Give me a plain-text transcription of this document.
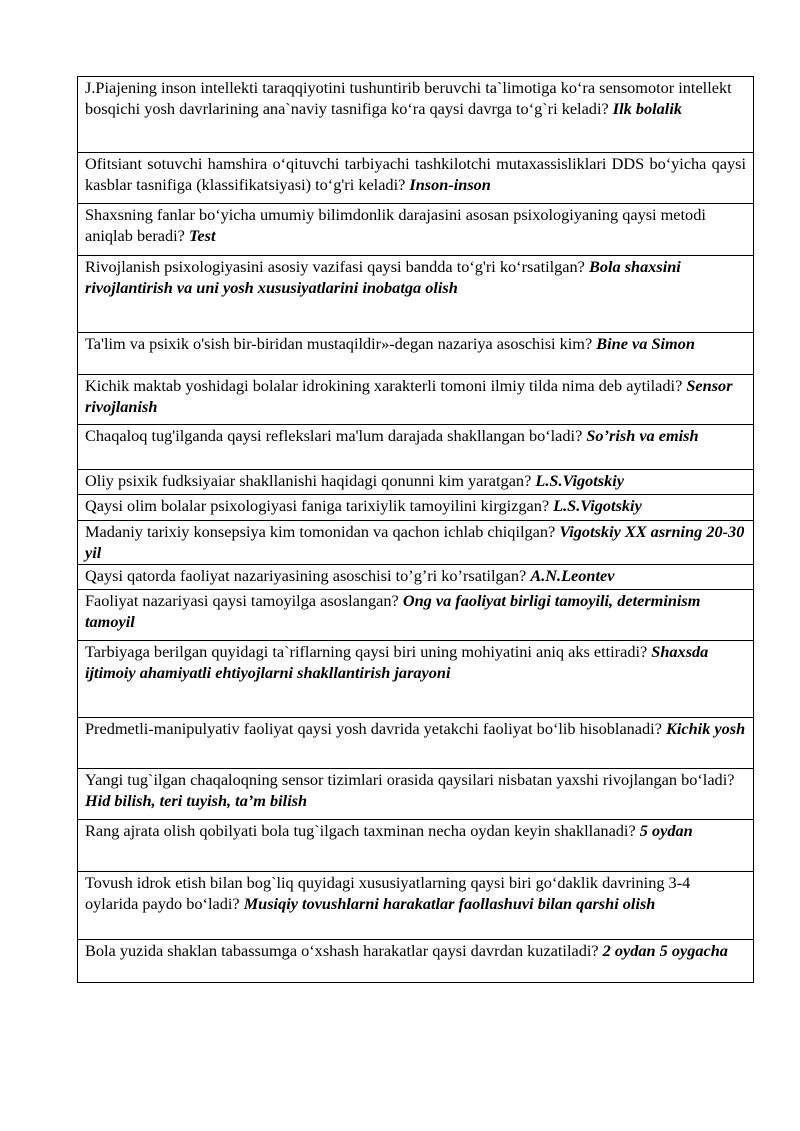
J.Piajening inson intellekti taraqqiyotini tushuntirib beruvchi ta`limotiga ko‘ra sensomotor intellekt bosqichi yosh davrlarining ana`naviy tasnifiga ko‘ra qaysi davrga to‘g`ri keladi? Ilk bolalik
Ofitsiant sotuvchi hamshira o‘qituvchi tarbiyachi tashkilotchi mutaxassisliklari DDS bo‘yicha qaysi kasblar tasnifiga (klassifikatsiyasi) to‘g'ri keladi? Inson-inson
Shaxsning fanlar bo‘yicha umumiy bilimdonlik darajasini asosan psixologiyaning qaysi metodi aniqlab beradi? Test
Rivojlanish psixologiyasini asosiy vazifasi qaysi bandda to‘g'ri ko‘rsatilgan? Bola shaxsini rivojlantirish va uni yosh xususiyatlarini inobatga olish
Ta'lim va psixik o'sish bir-biridan mustaqildir»-degan nazariya asoschisi kim? Bine va Simon
Kichik maktab yoshidagi bolalar idrokining xarakterli tomoni ilmiy tilda nima deb aytiladi? Sensor rivojlanish
Chaqaloq tug'ilganda qaysi reflekslari ma'lum darajada shakllangan bo‘ladi? So’rish va emish
Oliy psixik fudksiyaiar shakllanishi haqidagi qonunni kim yaratgan? L.S.Vigotskiy
Qaysi olim bolalar psixologiyasi faniga tarixiylik tamoyilini kirgizgan? L.S.Vigotskiy
Madaniy tarixiy konsepsiya kim tomonidan va qachon ichlab chiqilgan? Vigotskiy XX asrning 20-30 yil
Qaysi qatorda faoliyat nazariyasining asoschisi to’g’ri ko’rsatilgan? A.N.Leontev
Faoliyat nazariyasi qaysi tamoyilga asoslangan? Ong va faoliyat birligi tamoyili, determinism tamoyil
Tarbiyaga berilgan quyidagi ta`riflarning qaysi biri uning mohiyatini aniq aks ettiradi? Shaxsda ijtimoiy ahamiyatli ehtiyojlarni shakllantirish jarayoni
Predmetli-manipulyativ faoliyat qaysi yosh davrida yetakchi faoliyat bo‘lib hisoblanadi? Kichik yosh
Yangi tug`ilgan chaqaloqning sensor tizimlari orasida qaysilari nisbatan yaxshi rivojlangan bo‘ladi? Hid bilish, teri tuyish, ta’m bilish
Rang ajrata olish qobilyati bola tug`ilgach taxminan necha oydan keyin shakllanadi? 5 oydan
Tovush idrok etish bilan bog`liq quyidagi xususiyatlarning qaysi biri go‘daklik davrining 3-4 oylarida paydo bo‘ladi? Musiqiy tovushlarni harakatlar faollashuvi bilan qarshi olish
Bola yuzida shaklan tabassumga o‘xshash harakatlar qaysi davrdan kuzatiladi? 2 oydan 5 oygacha
